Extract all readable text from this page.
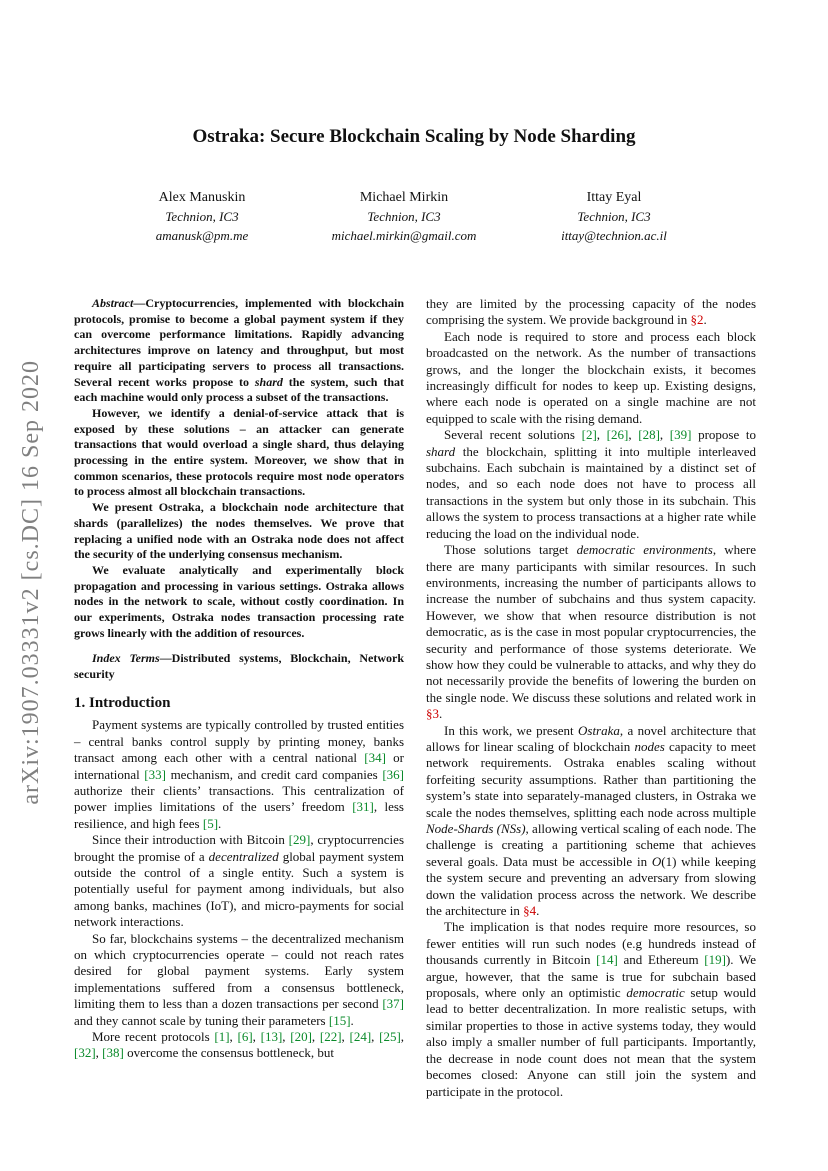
arXiv:1907.03331v2 [cs.DC] 16 Sep 2020
Ostraka: Secure Blockchain Scaling by Node Sharding
Alex Manuskin
Technion, IC3
amanusk@pm.me
Michael Mirkin
Technion, IC3
michael.mirkin@gmail.com
Ittay Eyal
Technion, IC3
ittay@technion.ac.il

Abstract—Cryptocurrencies, implemented with blockchain protocols, promise to become a global payment system if they can overcome performance limitations. Rapidly advancing architectures improve on latency and throughput, but most require all participating servers to process all transactions. Several recent works propose to shard the system, such that each machine would only process a subset of the transactions.

However, we identify a denial-of-service attack that is exposed by these solutions – an attacker can generate transactions that would overload a single shard, thus delaying processing in the entire system. Moreover, we show that in common scenarios, these protocols require most node operators to process almost all blockchain transactions.

We present Ostraka, a blockchain node architecture that shards (parallelizes) the nodes themselves. We prove that replacing a unified node with an Ostraka node does not affect the security of the underlying consensus mechanism.

We evaluate analytically and experimentally block propagation and processing in various settings. Ostraka allows nodes in the network to scale, without costly coordination. In our experiments, Ostraka nodes transaction processing rate grows linearly with the addition of resources.

Index Terms—Distributed systems, Blockchain, Network security

1. Introduction

Payment systems are typically controlled by trusted entities – central banks control supply by printing money, banks transact among each other with a central national [34] or international [33] mechanism, and credit card companies [36] authorize their clients’ transactions. This centralization of power implies limitations of the users’ freedom [31], less resilience, and high fees [5].

Since their introduction with Bitcoin [29], cryptocurrencies brought the promise of a decentralized global payment system outside the control of a single entity. Such a system is potentially useful for payment among individuals, but also among banks, machines (IoT), and micro-payments for social network interactions.

So far, blockchains systems – the decentralized mechanism on which cryptocurrencies operate – could not reach rates desired for global payment systems. Early system implementations suffered from a consensus bottleneck, limiting them to less than a dozen transactions per second [37] and they cannot scale by tuning their parameters [15].

More recent protocols [1], [6], [13], [20], [22], [24], [25], [32], [38] overcome the consensus bottleneck, but

they are limited by the processing capacity of the nodes comprising the system. We provide background in §2.

Each node is required to store and process each block broadcasted on the network. As the number of transactions grows, and the longer the blockchain exists, it becomes increasingly difficult for nodes to keep up. Existing designs, where each node is operated on a single machine are not equipped to scale with the rising demand.

Several recent solutions [2], [26], [28], [39] propose to shard the blockchain, splitting it into multiple interleaved subchains. Each subchain is maintained by a distinct set of nodes, and so each node does not have to process all transactions in the system but only those in its subchain. This allows the system to process transactions at a higher rate while reducing the load on the individual node.

Those solutions target democratic environments, where there are many participants with similar resources. In such environments, increasing the number of participants allows to increase the number of subchains and thus system capacity. However, we show that when resource distribution is not democratic, as is the case in most popular cryptocurrencies, the security and performance of those systems deteriorate. We show how they could be vulnerable to attacks, and why they do not necessarily provide the benefits of lowering the burden on the single node. We discuss these solutions and related work in §3.

In this work, we present Ostraka, a novel architecture that allows for linear scaling of blockchain nodes capacity to meet network requirements. Ostraka enables scaling without forfeiting security assumptions. Rather than partitioning the system’s state into separately-managed clusters, in Ostraka we scale the nodes themselves, splitting each node across multiple Node-Shards (NSs), allowing vertical scaling of each node. The challenge is creating a partitioning scheme that achieves several goals. Data must be accessible in O(1) while keeping the system secure and preventing an adversary from slowing down the validation process across the network. We describe the architecture in §4.

The implication is that nodes require more resources, so fewer entities will run such nodes (e.g hundreds instead of thousands currently in Bitcoin [14] and Ethereum [19]). We argue, however, that the same is true for subchain based proposals, where only an optimistic democratic setup would lead to better decentralization. In more realistic setups, with similar properties to those in active systems today, they would also imply a smaller number of full participants. Importantly, the decrease in node count does not mean that the system becomes closed: Anyone can still join the system and participate in the protocol.
